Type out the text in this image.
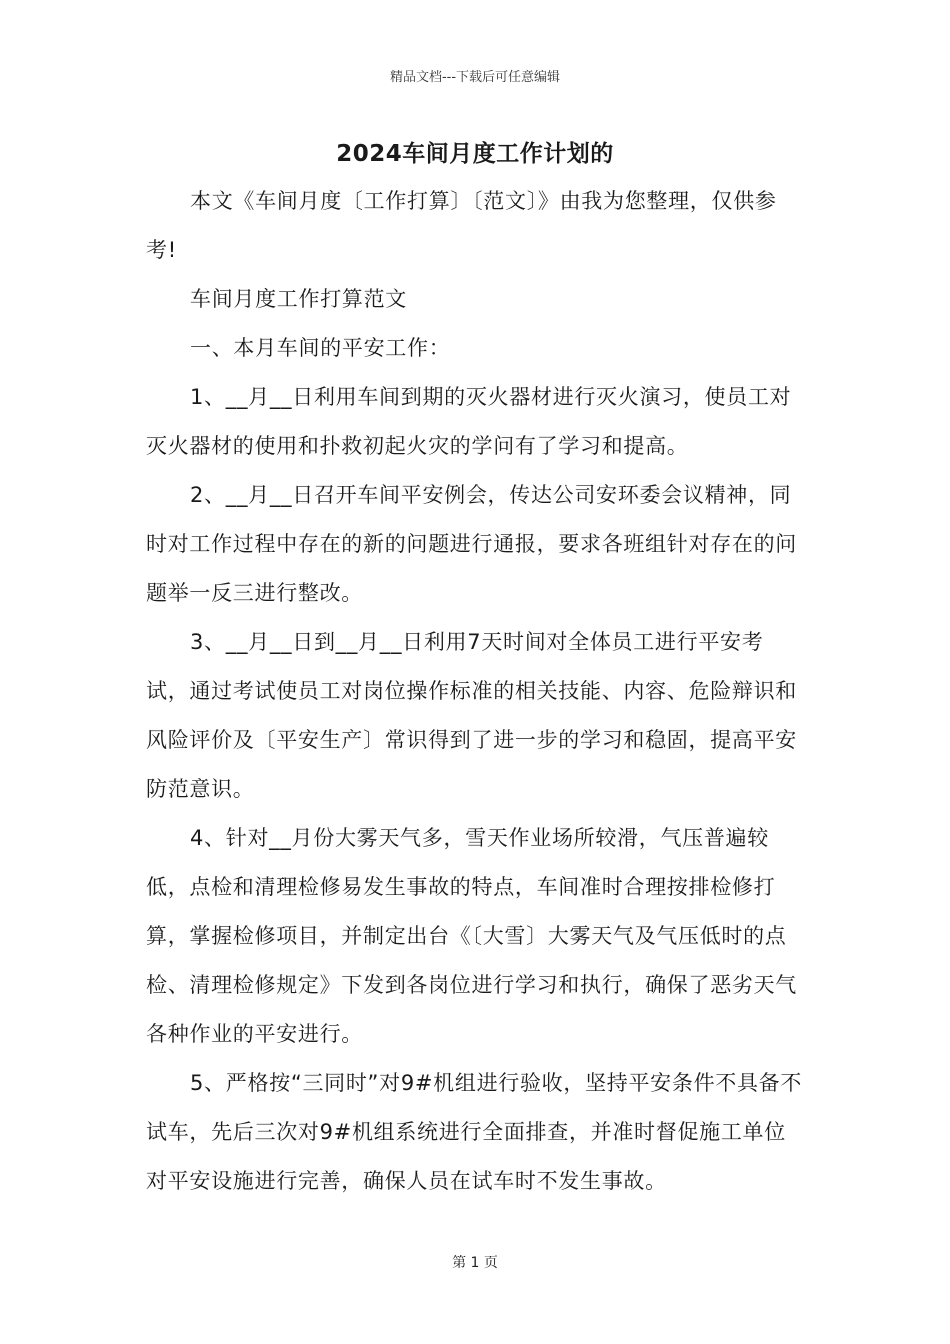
精品文档---下载后可任意编辑
2024车间月度工作计划的

本文《车间月度〔工作打算〕〔范文〕》由我为您整理，仅供参考!

车间月度工作打算范文

一、本月车间的平安工作：

1、__月__日利用车间到期的灭火器材进行灭火演习，使员工对灭火器材的使用和扑救初起火灾的学问有了学习和提高。

2、__月__日召开车间平安例会，传达公司安环委会议精神，同时对工作过程中存在的新的问题进行通报，要求各班组针对存在的问题举一反三进行整改。

3、__月__日到__月__日利用7天时间对全体员工进行平安考试，通过考试使员工对岗位操作标准的相关技能、内容、危险辩识和风险评价及〔平安生产〕常识得到了进一步的学习和稳固，提高平安防范意识。

4、针对__月份大雾天气多，雪天作业场所较滑，气压普遍较低，点检和清理检修易发生事故的特点，车间准时合理按排检修打算，掌握检修项目，并制定出台《〔大雪〕大雾天气及气压低时的点检、清理检修规定》下发到各岗位进行学习和执行，确保了恶劣天气各种作业的平安进行。

5、严格按“三同时”对9#机组进行验收，坚持平安条件不具备不试车，先后三次对9#机组系统进行全面排查，并准时督促施工单位对平安设施进行完善，确保人员在试车时不发生事故。

第 1 页
